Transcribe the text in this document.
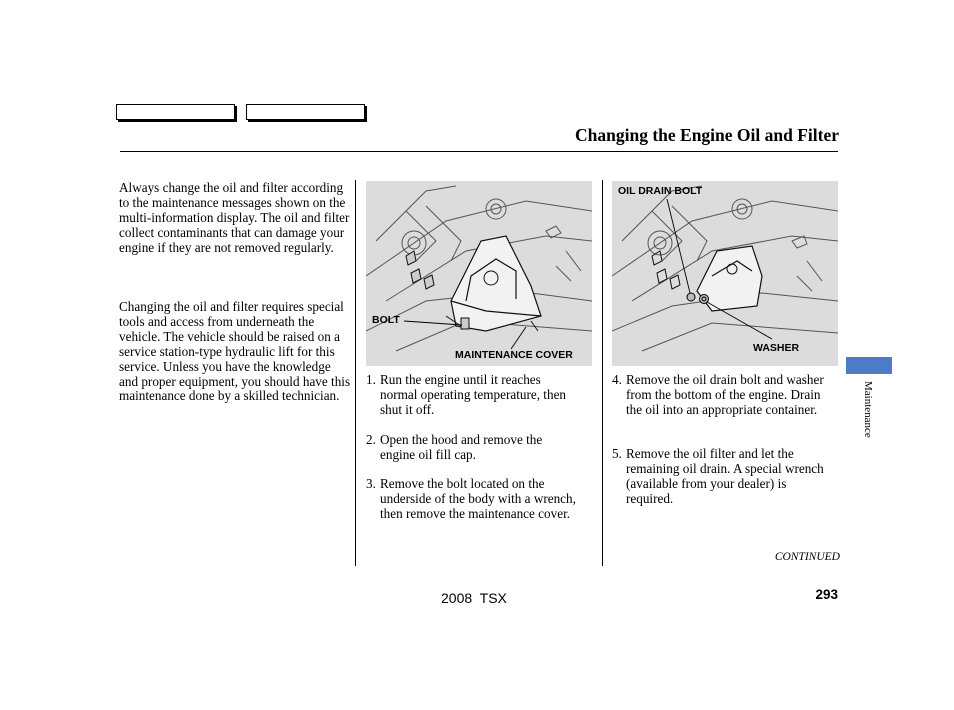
Changing the Engine Oil and Filter

Always change the oil and filter according to the maintenance messages shown on the multi-information display. The oil and filter collect contaminants that can damage your engine if they are not removed regularly.

Changing the oil and filter requires special tools and access from underneath the vehicle. The vehicle should be raised on a service station-type hydraulic lift for this service. Unless you have the knowledge and proper equipment, you should have this maintenance done by a skilled technician.

BOLT
MAINTENANCE COVER
OIL DRAIN BOLT
WASHER
1. Run the engine until it reaches normal operating temperature, then shut it off.
2. Open the hood and remove the engine oil fill cap.
3. Remove the bolt located on the underside of the body with a wrench, then remove the maintenance cover.
4. Remove the oil drain bolt and washer from the bottom of the engine. Drain the oil into an appropriate container.
5. Remove the oil filter and let the remaining oil drain. A special wrench (available from your dealer) is required.
CONTINUED
2008  TSX	293
Maintenance
